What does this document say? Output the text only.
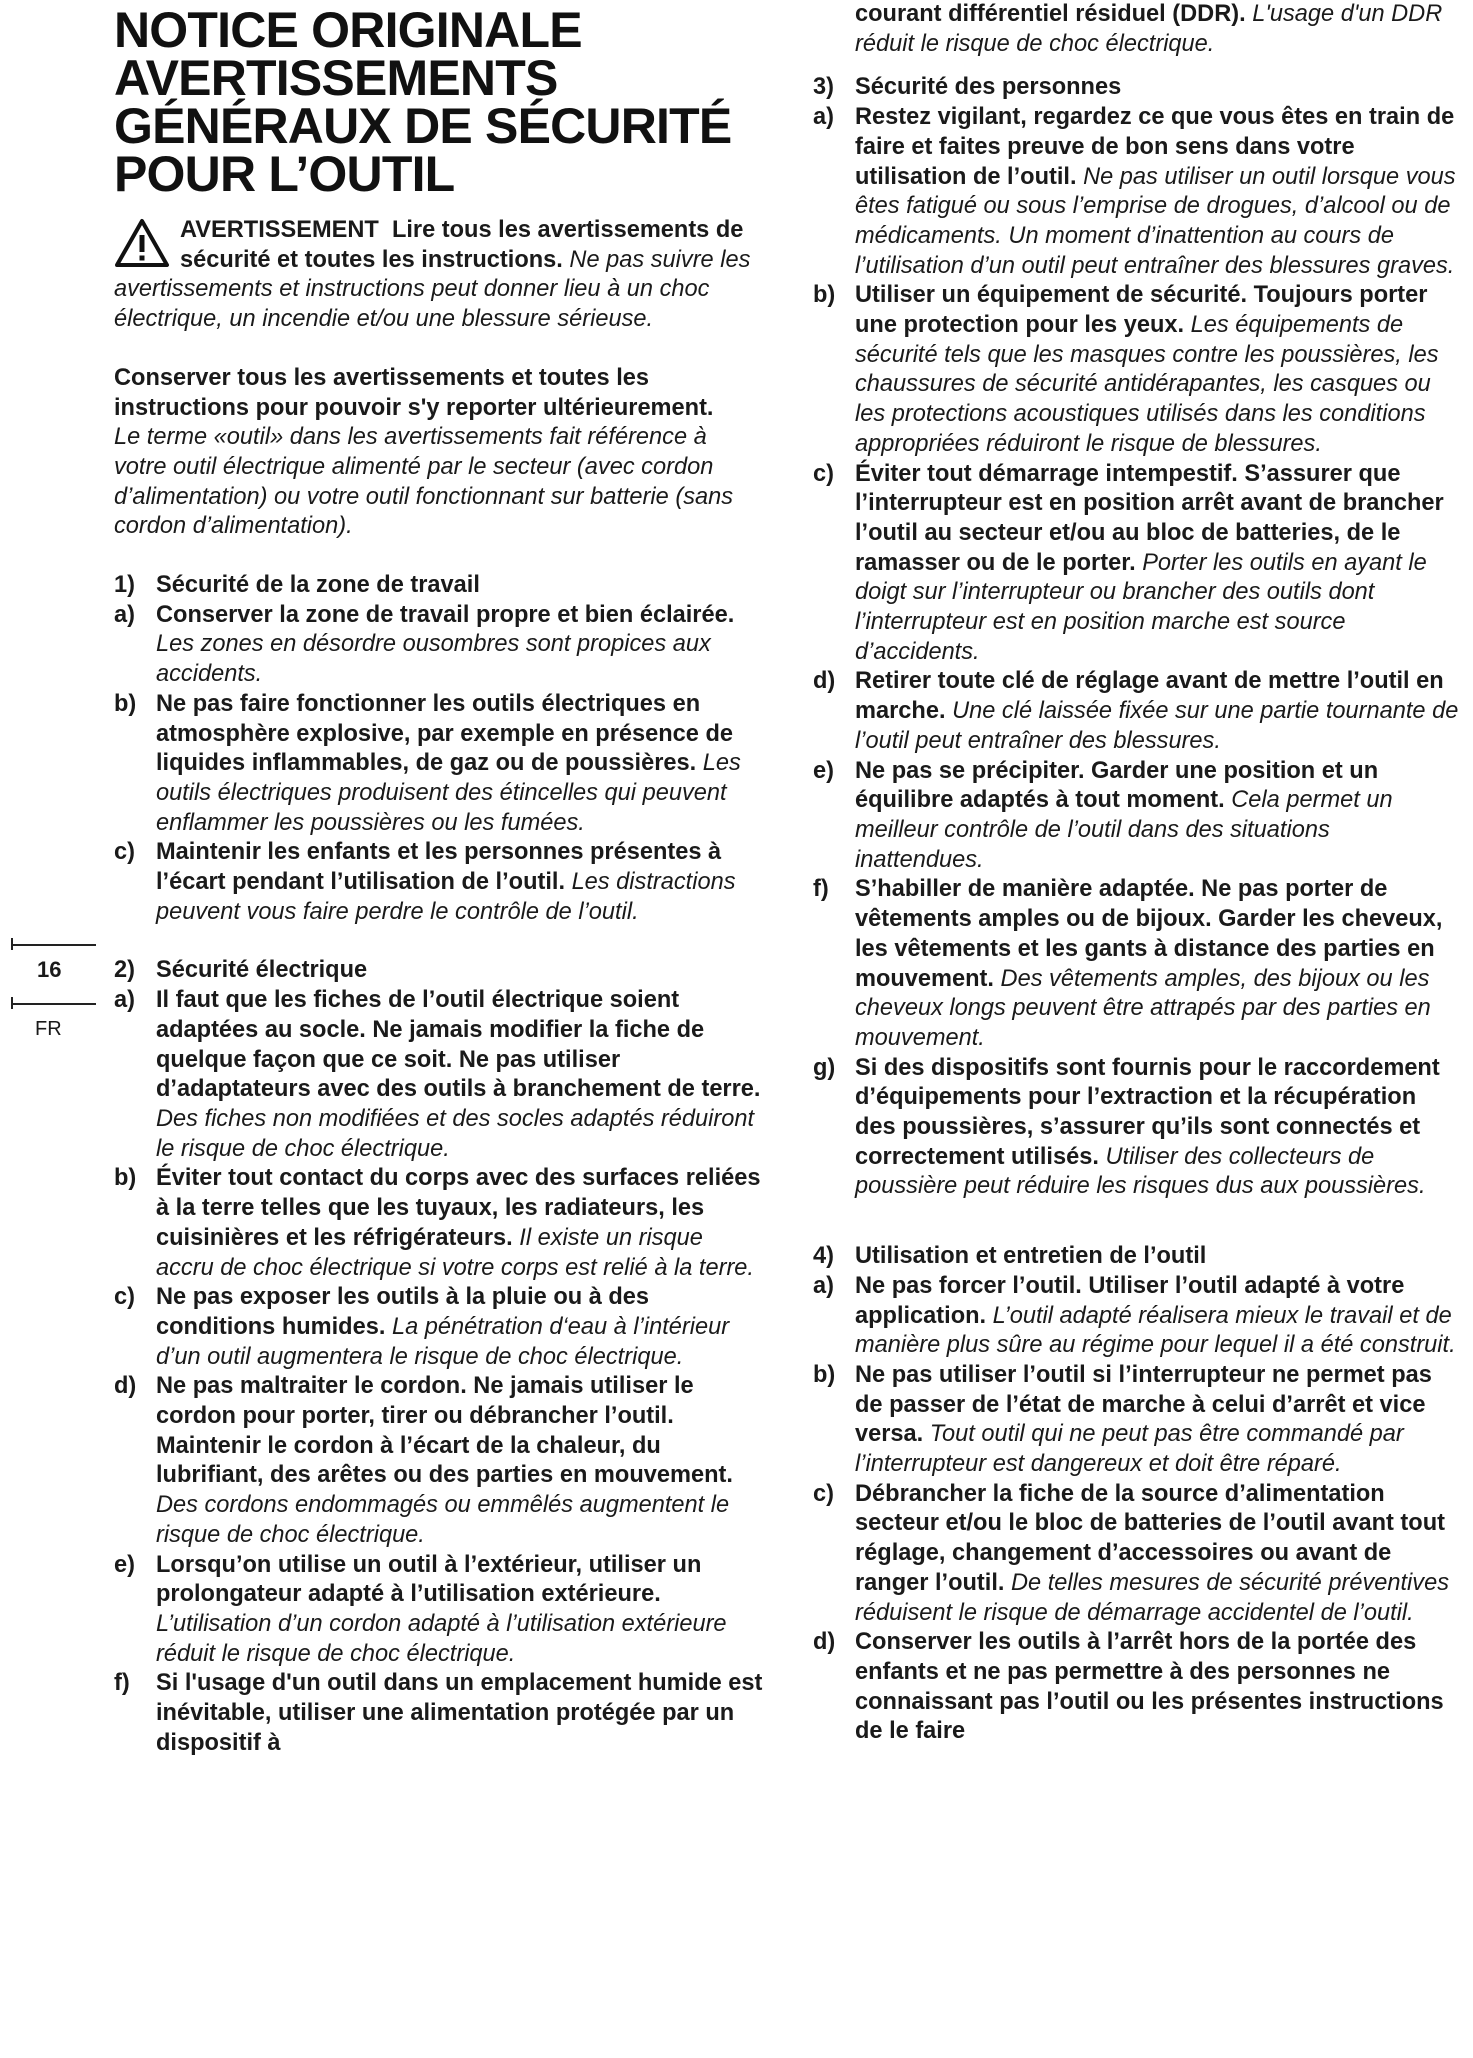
16
FR
NOTICE ORIGINALE
AVERTISSEMENTS
GÉNÉRAUX DE SÉCURITÉ
POUR L’OUTIL

AVERTISSEMENT Lire tous les avertissements de sécurité et toutes les instructions. Ne pas suivre les avertissements et instructions peut donner lieu à un choc électrique, un incendie et/ou une blessure sérieuse.

Conserver tous les avertissements et toutes les instructions pour pouvoir s'y reporter ultérieurement.
Le terme «outil» dans les avertissements fait référence à votre outil électrique alimenté par le secteur (avec cordon d’alimentation) ou votre outil fonctionnant sur batterie (sans cordon d’alimentation).

1) Sécurité de la zone de travail
a) Conserver la zone de travail propre et bien éclairée. Les zones en désordre ousombres sont propices aux accidents.
b) Ne pas faire fonctionner les outils électriques en atmosphère explosive, par exemple en présence de liquides inflammables, de gaz ou de poussières. Les outils électriques produisent des étincelles qui peuvent enflammer les poussières ou les fumées.
c) Maintenir les enfants et les personnes présentes à l’écart pendant l’utilisation de l’outil. Les distractions peuvent vous faire perdre le contrôle de l’outil.
2) Sécurité électrique
a) Il faut que les fiches de l’outil électrique soient adaptées au socle. Ne jamais modifier la fiche de quelque façon que ce soit. Ne pas utiliser d’adaptateurs avec des outils à branchement de terre. Des fiches non modifiées et des socles adaptés réduiront le risque de choc électrique.
b) Éviter tout contact du corps avec des surfaces reliées à la terre telles que les tuyaux, les radiateurs, les cuisinières et les réfrigérateurs. Il existe un risque accru de choc électrique si votre corps est relié à la terre.
c) Ne pas exposer les outils à la pluie ou à des conditions humides. La pénétration d‘eau à l’intérieur d’un outil augmentera le risque de choc électrique.
d) Ne pas maltraiter le cordon. Ne jamais utiliser le cordon pour porter, tirer ou débrancher l’outil. Maintenir le cordon à l’écart de la chaleur, du lubrifiant, des arêtes ou des parties en mouvement. Des cordons endommagés ou emmêlés augmentent le risque de choc électrique.
e) Lorsqu’on utilise un outil à l’extérieur, utiliser un prolongateur adapté à l’utilisation extérieure. L’utilisation d’un cordon adapté à l’utilisation extérieure réduit le risque de choc électrique.
f) Si l'usage d'un outil dans un emplacement humide est inévitable, utiliser une alimentation protégée par un dispositif à
courant différentiel résiduel (DDR). L'usage d'un DDR réduit le risque de choc électrique.
3) Sécurité des personnes
a) Restez vigilant, regardez ce que vous êtes en train de faire et faites preuve de bon sens dans votre utilisation de l’outil. Ne pas utiliser un outil lorsque vous êtes fatigué ou sous l’emprise de drogues, d’alcool ou de médicaments. Un moment d’inattention au cours de l’utilisation d’un outil peut entraîner des blessures graves.
b) Utiliser un équipement de sécurité. Toujours porter une protection pour les yeux. Les équipements de sécurité tels que les masques contre les poussières, les chaussures de sécurité antidérapantes, les casques ou les protections acoustiques utilisés dans les conditions appropriées réduiront le risque de blessures.
c) Éviter tout démarrage intempestif. S’assurer que l’interrupteur est en position arrêt avant de brancher l’outil au secteur et/ou au bloc de batteries, de le ramasser ou de le porter. Porter les outils en ayant le doigt sur l’interrupteur ou brancher des outils dont l’interrupteur est en position marche est source d’accidents.
d) Retirer toute clé de réglage avant de mettre l’outil en marche. Une clé laissée fixée sur une partie tournante de l’outil peut entraîner des blessures.
e) Ne pas se précipiter. Garder une position et un équilibre adaptés à tout moment. Cela permet un meilleur contrôle de l’outil dans des situations inattendues.
f) S’habiller de manière adaptée. Ne pas porter de vêtements amples ou de bijoux. Garder les cheveux, les vêtements et les gants à distance des parties en mouvement. Des vêtements amples, des bijoux ou les cheveux longs peuvent être attrapés par des parties en mouvement.
g) Si des dispositifs sont fournis pour le raccordement d’équipements pour l’extraction et la récupération des poussières, s’assurer qu’ils sont connectés et correctement utilisés. Utiliser des collecteurs de poussière peut réduire les risques dus aux poussières.
4) Utilisation et entretien de l’outil
a) Ne pas forcer l’outil. Utiliser l’outil adapté à votre application. L’outil adapté réalisera mieux le travail et de manière plus sûre au régime pour lequel il a été construit.
b) Ne pas utiliser l’outil si l’interrupteur ne permet pas de passer de l’état de marche à celui d’arrêt et vice versa. Tout outil qui ne peut pas être commandé par l’interrupteur est dangereux et doit être réparé.
c) Débrancher la fiche de la source d’alimentation secteur et/ou le bloc de batteries de l’outil avant tout réglage, changement d’accessoires ou avant de ranger l’outil. De telles mesures de sécurité préventives réduisent le risque de démarrage accidentel de l’outil.
d) Conserver les outils à l’arrêt hors de la portée des enfants et ne pas permettre à des personnes ne connaissant pas l’outil ou les présentes instructions de le faire
